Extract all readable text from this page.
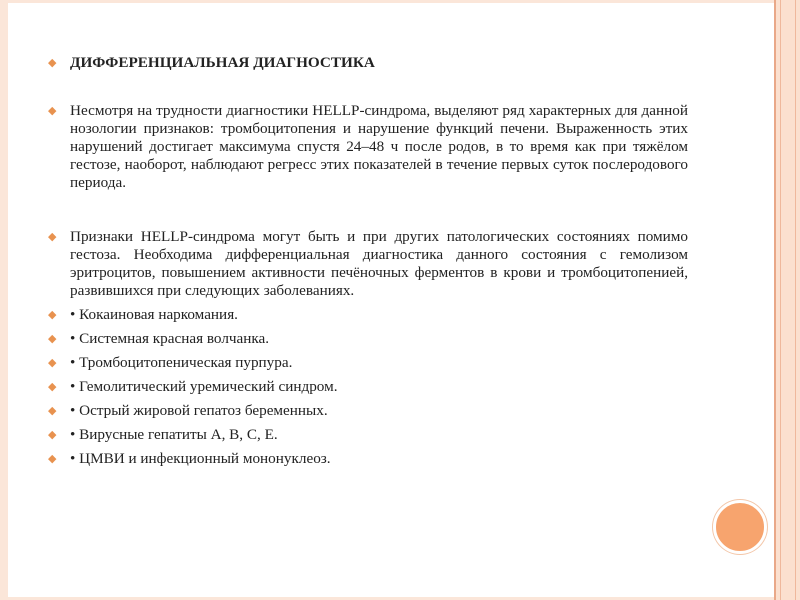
◆ ДИФФЕРЕНЦИАЛЬНАЯ ДИАГНОСТИКА
◆ Несмотря на трудности диагностики HELLP-синдрома, выделяют ряд характерных для данной нозологии признаков: тромбоцитопения и нарушение функций печени. Выраженность этих нарушений достигает максимума спустя 24–48 ч после родов, в то время как при тяжёлом гестозе, наоборот, наблюдают регресс этих показателей в течение первых суток послеродового периода.
◆ Признаки HELLP-синдрома могут быть и при других патологических состояниях помимо гестоза. Необходима дифференциальная диагностика данного состояния с гемолизом эритроцитов, повышением активности печёночных ферментов в крови и тромбоцитопенией, развившихся при следующих заболеваниях.
◆ • Кокаиновая наркомания.
◆ • Системная красная волчанка.
◆ • Тромбоцитопеническая пурпура.
◆ • Гемолитический уремический синдром.
◆ • Острый жировой гепатоз беременных.
◆ • Вирусные гепатиты А, В, С, Е.
◆ • ЦМВИ и инфекционный мононуклеоз.
